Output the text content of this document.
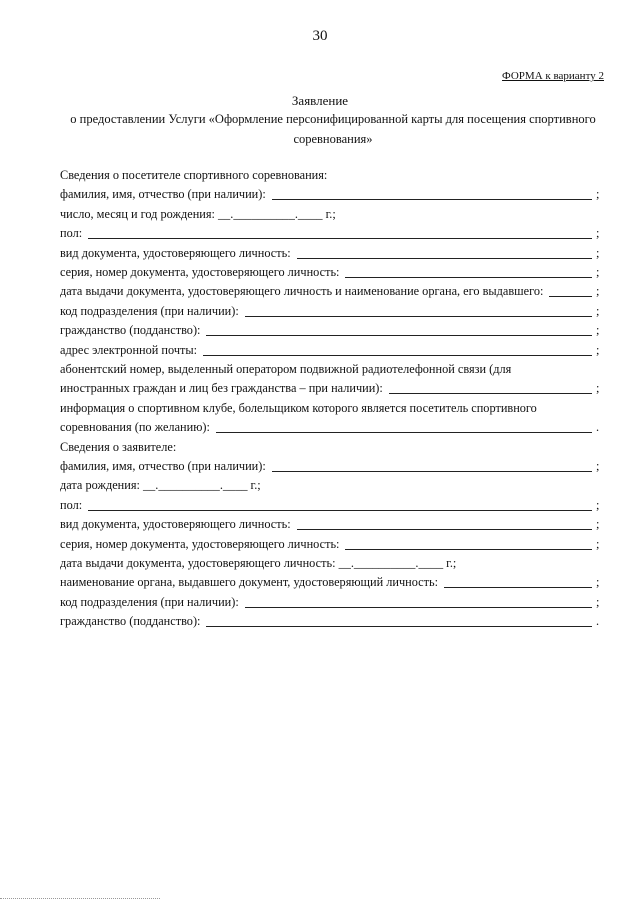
30
ФОРМА к варианту 2
Заявление
о предоставлении Услуги «Оформление персонифицированной карты для посещения спортивного соревнования»
Сведения о посетителе спортивного соревнования:
фамилия, имя, отчество (при наличии):	;
число, месяц и год рождения: __.__________.____ г.;
пол:	;
вид документа, удостоверяющего личность:	;
серия, номер документа, удостоверяющего личность:	;
дата выдачи документа, удостоверяющего личность и наименование органа, его выдавшего:	;
код подразделения (при наличии):	;
гражданство (подданство):	;
адрес электронной почты:	;
абонентский номер, выделенный оператором подвижной радиотелефонной связи (для
иностранных граждан и лиц без гражданства – при наличии):	;
информация о спортивном клубе, болельщиком которого является посетитель спортивного
соревнования (по желанию):	.
Сведения о заявителе:
фамилия, имя, отчество (при наличии):	;
дата рождения: __.__________.____ г.;
пол:	;
вид документа, удостоверяющего личность:	;
серия, номер документа, удостоверяющего личность:	;
дата выдачи документа, удостоверяющего личность: __.__________.____ г.;
наименование органа, выдавшего документ, удостоверяющий личность:	;
код подразделения (при наличии):	;
гражданство (подданство):	.
